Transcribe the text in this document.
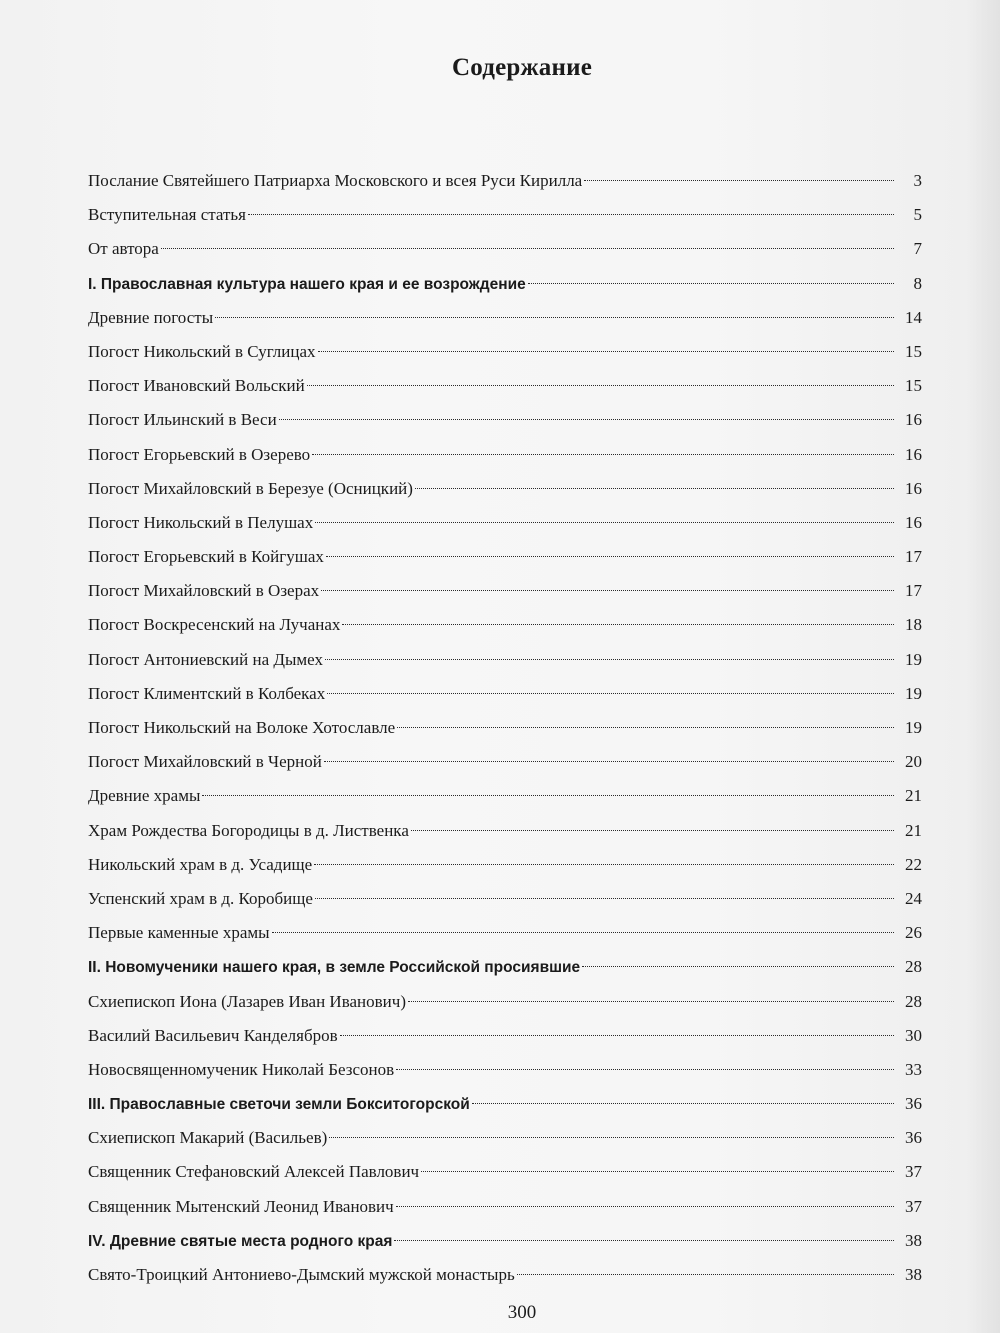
Содержание
Послание Святейшего Патриарха Московского и всея Руси Кирилла	3
Вступительная статья	5
От автора	7
I. Православная культура нашего края и ее возрождение	8
Древние погосты	14
Погост Никольский в Суглицах	15
Погост Ивановский Вольский	15
Погост Ильинский в Веси	16
Погост Егорьевский в Озерево	16
Погост Михайловский в Березуе (Осницкий)	16
Погост Никольский в Пелушах	16
Погост Егорьевский в Койгушах	17
Погост Михайловский в Озерах	17
Погост Воскресенский на Лучанах	18
Погост Антониевский на Дымех	19
Погост Климентский в Колбеках	19
Погост Никольский на Волоке Хотославле	19
Погост Михайловский в Черной	20
Древние храмы	21
Храм Рождества Богородицы в д. Лиственка	21
Никольский храм в д. Усадище	22
Успенский храм в д. Коробище	24
Первые каменные храмы	26
II. Новомученики нашего края, в земле Российской просиявшие	28
Схиепископ Иона (Лазарев Иван Иванович)	28
Василий Васильевич Канделябров	30
Новосвященномученик Николай Безсонов	33
III. Православные светочи земли Бокситогорской	36
Схиепископ Макарий (Васильев)	36
Священник Стефановский Алексей Павлович	37
Священник Мытенский Леонид Иванович	37
IV. Древние святые места родного края	38
Свято-Троицкий Антониево-Дымский мужской монастырь	38
300
